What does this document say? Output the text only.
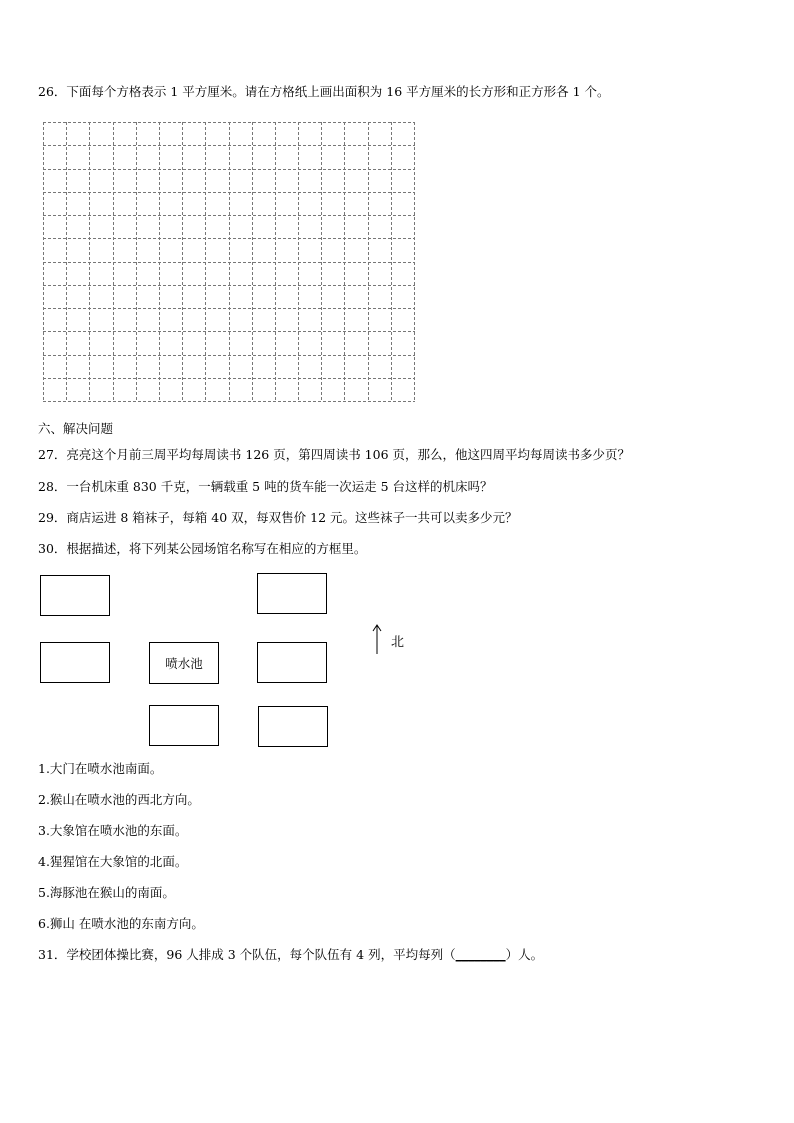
26．下面每个方格表示 1 平方厘米。请在方格纸上画出面积为 16 平方厘米的长方形和正方形各 1 个。
六、解决问题
27．亮亮这个月前三周平均每周读书 126 页，第四周读书 106 页，那么，他这四周平均每周读书多少页？
28．一台机床重 830 千克，一辆载重 5 吨的货车能一次运走 5 台这样的机床吗？
29．商店运进 8 箱袜子，每箱 40 双，每双售价 12 元。这些袜子一共可以卖多少元？
30．根据描述，将下列某公园场馆名称写在相应的方框里。
喷水池
北
1.大门在喷水池南面。
2.猴山在喷水池的西北方向。
3.大象馆在喷水池的东面。
4.猩猩馆在大象馆的北面。
5.海豚池在猴山的南面。
6.狮山 在喷水池的东南方向。
31．学校团体操比赛，96 人排成 3 个队伍，每个队伍有 4 列，平均每列（________）人。
